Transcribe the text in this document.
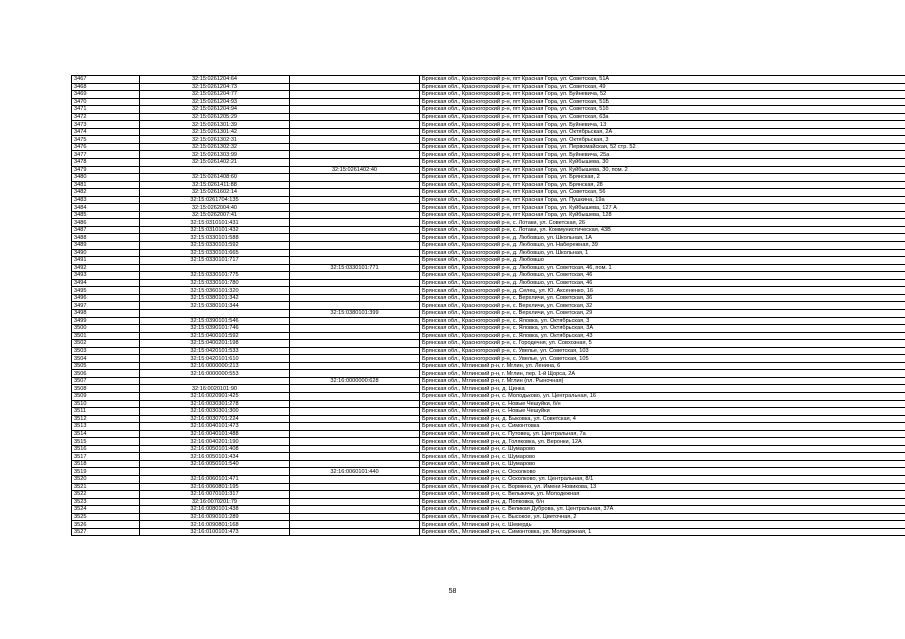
3467	32:15:0261204:64		Брянская обл., Красногорский р-н, пгт Красная Гора, ул. Советская, 51А
3468	32:15:0261204:73		Брянская обл., Красногорский р-н, пгт Красная Гора, ул. Советская, 49
3469	32:15:0261204:77		Брянская обл., Красногорский р-н, пгт Красная Гора, ул. Буйневича, 52
3470	32:15:0261204:93		Брянская обл., Красногорский р-н, пгт Красная Гора, ул. Советская, 51Б
3471	32:15:0261204:94		Брянская обл., Красногорский р-н, пгт Красная Гора, ул. Советская, 51б
3472	32:15:0261205:29		Брянская обл., Красногорский р-н, пгт Красная Гора, ул. Советская, 63а
3473	32:15:0261301:39		Брянская обл., Красногорский р-н, пгт Красная Гора, ул. Буйневича, 13
3474	32:15:0261301:42		Брянская обл., Красногорский р-н, пгт Красная Гора, ул. Октябрьская, 2А
3475	32:15:0261302:31		Брянская обл., Красногорский р-н, пгт Красная Гора, ул. Октябрьская, 3
3476	32:15:0261302:32		Брянская обл., Красногорский р-н, пгт Красная Гора, ул. Первомайская, 52 стр. 52
3477	32:15:0261303:99		Брянская обл., Красногорский р-н, пгт Красная Гора, ул. Буйневича, 25а
3478	32:15:0261402:21		Брянская обл., Красногорский р-н, пгт Красная Гора, ул. Куйбышева, 30
3479		32:15:0261402:40	Брянская обл., Красногорский р-н, пгт Красная Гора, ул. Куйбышева, 30, пом. 2
3480	32:15:0261408:60		Брянская обл., Красногорский р-н, пгт Красная Гора, ул. Брянская, 2
3481	32:15:0261411:88		Брянская обл., Красногорский р-н, пгт Красная Гора, ул. Брянская, 28
3482	32:15:0261602:14		Брянская обл., Красногорский р-н, пгт Красная Гора, ул. Советская, 56
3483	32:15:0261704:135		Брянская обл., Красногорский р-н, пгт Красная Гора, ул. Пушкина, 19а
3484	32:15:0262004:40		Брянская обл., Красногорский р-н, пгт Красная Гора, ул. Куйбышева, 127 А
3485	32:15:0262007:41		Брянская обл., Красногорский р-н, пгт Красная Гора, ул. Куйбышева, 128
3486	32:15:0310101:431		Брянская обл., Красногорский р-н, с. Лотаки, ул. Советская, 26
3487	32:15:0310101:432		Брянская обл., Красногорский р-н, с. Лотаки, ул. Коммунистическая, 43В
3488	32:15:0330101:588		Брянская обл., Красногорский р-н, д. Любовшо, ул. Школьная, 1А
3489	32:15:0330101:592		Брянская обл., Красногорский р-н, д. Любовшо, ул. Набережная, 39
3490	32:15:0330101:665		Брянская обл., Красногорский р-н, д. Любовшо, ул. Школьная, 1
3491	32:15:0330101:717		Брянская обл., Красногорский р-н, д. Любовшо
3492		32:15:0330101:771	Брянская обл., Красногорский р-н, д. Любовшо, ул. Советская, 46, пом. 1
3493	32:15:0330101:775		Брянская обл., Красногорский р-н, д. Любовшо, ул. Советская, 46
3494	32:15:0330101:780		Брянская обл., Красногорский р-н, д. Любовшо, ул. Советская, 46
3495	32:15:0360101:320		Брянская обл., Красногорский р-н, д. Селец, ул. Ю. Аксененко, 16
3496	32:15:0380101:342		Брянская обл., Красногорский р-н, с. Верхличи, ул. Советская, 36
3497	32:15:0380101:344		Брянская обл., Красногорский р-н, с. Верхличи, ул. Советская, 32
3498		32:15:0380101:399	Брянская обл., Красногорский р-н, с. Верхличи, ул. Советская, 29
3499	32:15:0390101:546		Брянская обл., Красногорский р-н, с. Яловка, ул. Октябрьская, 3
3500	32:15:0390101:746		Брянская обл., Красногорский р-н, с. Яловка, ул. Октябрьская, 3А
3501	32:15:0400101:592		Брянская обл., Красногорский р-н, с. Яловка, ул. Октябрьская, 43
3502	32:15:0400201:198		Брянская обл., Красногорский р-н, с. Городечня, ул. Совхозная, 5
3503	32:15:0420101:533		Брянская обл., Красногорский р-н, с. Увелье, ул. Советская, 103
3504	32:15:0420101:610		Брянская обл., Красногорский р-н, с. Увелье, ул. Советская, 105
3505	32:16:0000000:213		Брянская обл., Мглинский р-н, г. Мглин, ул. Ленина, 6
3506	32:16:0000000:553		Брянская обл., Мглинский р-н, г. Мглин, пер. 1-й Щорса, 2А
3507		32:16:0000000:628	Брянская обл., Мглинский р-н, г. Мглин (пл. Рыночная)
3508	32:16:0020101:90		Брянская обл., Мглинский р-н, д. Цинка
3509	32:16:0020901:425		Брянская обл., Мглинский р-н, с. Молодьково, ул. Центральная, 16
3510	32:16:0030301:278		Брянская обл., Мглинский р-н, с. Новые Чешуйки, б/н
3511	32:16:0030301:300		Брянская обл., Мглинский р-н, с. Новые Чешуйки
3512	32:16:0030701:224		Брянская обл., Мглинский р-н, д. Быковка, ул. Советская, 4
3513	32:16:0040101:473		Брянская обл., Мглинский р-н, с. Симонтовка
3514	32:16:0040101:488		Брянская обл., Мглинский р-н, с. Путовец, ул. Центральная, 7а
3515	32:16:0040201:190		Брянская обл., Мглинский р-н, д. Голяковка, ул. Веронки, 12А
3516	32:16:0050101:408		Брянская обл., Мглинский р-н, с. Шумарово
3517	32:16:0050101:434		Брянская обл., Мглинский р-н, с. Шумарово
3518	32:16:0050101:540		Брянская обл., Мглинский р-н, с. Шумарово
3519		32:16:0060101:440	Брянская обл., Мглинский р-н, с. Осколково
3520	32:16:0060101:471		Брянская обл., Мглинский р-н, с. Осколково, ул. Центральная, 8/1
3521	32:16:0060801:195		Брянская обл., Мглинский р-н, с. Вормено, ул. Имени Новикова, 13
3522	32:16:0070101:317		Брянская обл., Мглинский р-н, с. Вельжичи, ул. Молодежная
3523	32:16:0070201:79		Брянская обл., Мглинский р-н, д. Попковка, б/н
3524	32:16:0080101:438		Брянская обл., Мглинский р-н, с. Великая Дуброва, ул. Центральная, 37А
3525	32:16:0090101:289		Брянская обл., Мглинский р-н, с. Высокое, ул. Цветочная, 2
3526	32:16:0090801:168		Брянская обл., Мглинский р-н, с. Шевердь
3527	32:16:0100101:473		Брянская обл., Мглинский р-н, с. Симонтовка, ул. Молодежная, 1
58
